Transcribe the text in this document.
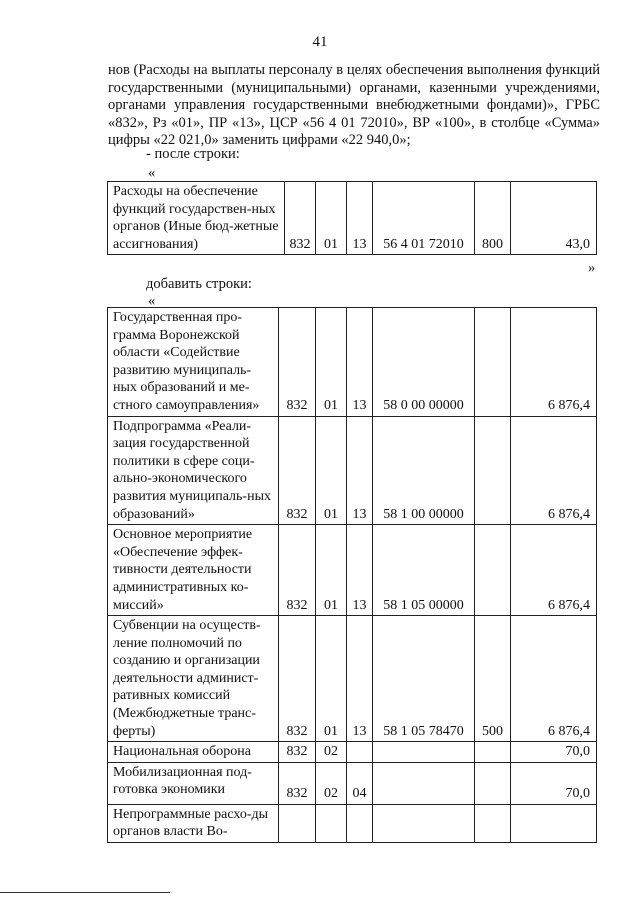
41
нов (Расходы на выплаты персоналу в целях обеспечения выполнения функций государственными (муниципальными) органами, казенными учреждениями, органами управления государственными внебюджетными фондами)», ГРБС «832», Рз «01», ПР «13», ЦСР «56 4 01 72010», ВР «100», в столбце «Сумма» цифры «22 021,0» заменить цифрами «22 940,0»;
- после строки:
«
Расходы на обеспечение функций государствен-ных органов (Иные бюд-жетные ассигнования)	832	01	13	56 4 01 72010	800	43,0
»
добавить строки:
«
Государственная про-грамма Воронежской области «Содействие развитию муниципаль-ных образований и ме-стного самоуправления»	832	01	13	58 0 00 00000		6 876,4
Подпрограмма «Реали-зация государственной политики в сфере соци-ально-экономического развития муниципаль-ных образований»	832	01	13	58 1 00 00000		6 876,4
Основное мероприятие «Обеспечение эффек-тивности деятельности административных ко-миссий»	832	01	13	58 1 05 00000		6 876,4
Субвенции на осуществ-ление полномочий по созданию и организации деятельности админист-ративных комиссий (Межбюджетные транс-ферты)	832	01	13	58 1 05 78470	500	6 876,4
Национальная оборона	832	02				70,0
Мобилизационная под-готовка экономики	832	02	04			70,0
Непрограммные расхо-ды органов власти Во-						
